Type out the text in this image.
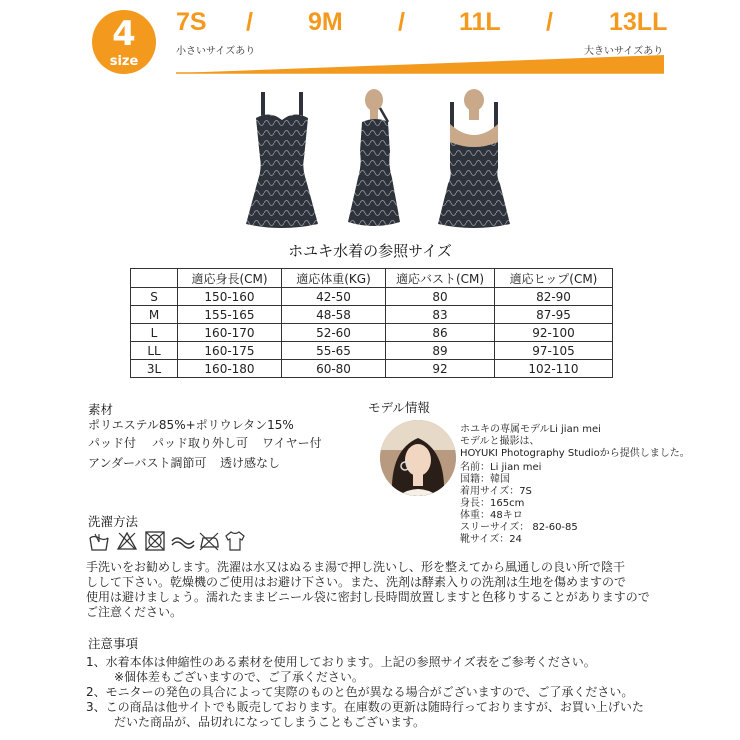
4
size
7S / 9M / 11L / 13LL
小さいサイズあり	大きいサイズあり
ホユキ水着の参照サイズ
	適応身長(CM)	適応体重(KG)	適応バスト(CM)	適応ヒップ(CM)
S	150-160	42-50	80	82-90
M	155-165	48-58	83	87-95
L	160-170	52-60	86	92-100
LL	160-175	55-65	89	97-105
3L	160-180	60-80	92	102-110
素材
ポリエステル85%+ポリウレタン15%
パッド付 パッド取り外し可 ワイヤー付
アンダーバスト調節可 透け感なし
モデル情報
ホユキの専属モデルLi jian mei
モデルと撮影は、
HOYUKI Photography Studioから提供しました。
名前：Li jian mei
国籍：韓国
着用サイズ：7S
身長：165cm
体重：48キロ
スリーサイズ： 82-60-85
靴サイズ：24
洗濯方法
手洗いをお勧めします。洗濯は水又はぬるま湯で押し洗いし、形を整えてから風通しの良い所で陰干
しして下さい。乾燥機のご使用はお避け下さい。また、洗剤は酵素入りの洗剤は生地を傷めますので
使用は避けましょう。濡れたままビニール袋に密封し長時間放置しますと色移りすることがありますので
ご注意ください。
注意事項
1、水着本体は伸縮性のある素材を使用しております。上記の参照サイズ表をご参考ください。
※個体差もございますので、ご了承ください。
2、モニターの発色の具合によって実際のものと色が異なる場合がございますので、ご了承ください。
3、この商品は他サイトでも販売しております。在庫数の更新は随時行っておりますが、お買い上げいた
だいた商品が、品切れになってしまうこともございます。
